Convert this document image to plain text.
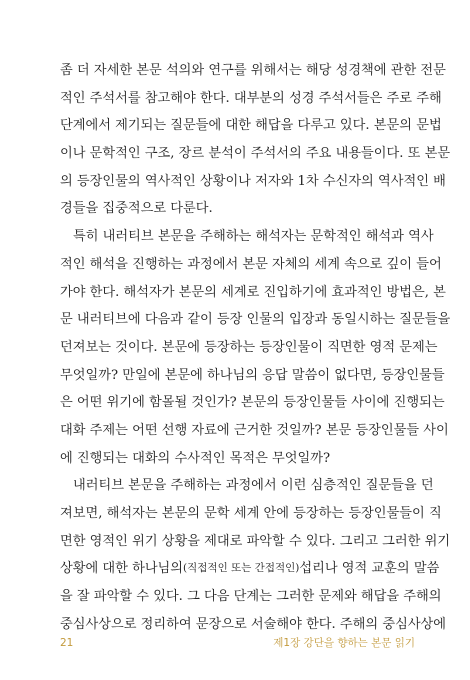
좀 더 자세한 본문 석의와 연구를 위해서는 해당 성경책에 관한 전문
적인 주석서를 참고해야 한다. 대부분의 성경 주석서들은 주로 주해
단계에서 제기되는 질문들에 대한 해답을 다루고 있다. 본문의 문법
이나 문학적인 구조, 장르 분석이 주석서의 주요 내용들이다. 또 본문
의 등장인물의 역사적인 상황이나 저자와 1차 수신자의 역사적인 배
경들을 집중적으로 다룬다.
특히 내러티브 본문을 주해하는 해석자는 문학적인 해석과 역사
적인 해석을 진행하는 과정에서 본문 자체의 세계 속으로 깊이 들어
가야 한다. 해석자가 본문의 세계로 진입하기에 효과적인 방법은, 본
문 내러티브에 다음과 같이 등장 인물의 입장과 동일시하는 질문들을
던져보는 것이다. 본문에 등장하는 등장인물이 직면한 영적 문제는
무엇일까? 만일에 본문에 하나님의 응답 말씀이 없다면, 등장인물들
은 어떤 위기에 함몰될 것인가? 본문의 등장인물들 사이에 진행되는
대화 주제는 어떤 선행 자료에 근거한 것일까? 본문 등장인물들 사이
에 진행되는 대화의 수사적인 목적은 무엇일까?
내러티브 본문을 주해하는 과정에서 이런 심층적인 질문들을 던
져보면, 해석자는 본문의 문학 세계 안에 등장하는 등장인물들이 직
면한 영적인 위기 상황을 제대로 파악할 수 있다. 그리고 그러한 위기
상황에 대한 하나님의 (직접적인 또는 간접적인) 섭리나 영적 교훈의 말씀
을 잘 파악할 수 있다. 그 다음 단계는 그러한 문제와 해답을 주해의
중심사상으로 정리하여 문장으로 서술해야 한다. 주해의 중심사상에
21	제1장 강단을 향하는 본문 읽기
